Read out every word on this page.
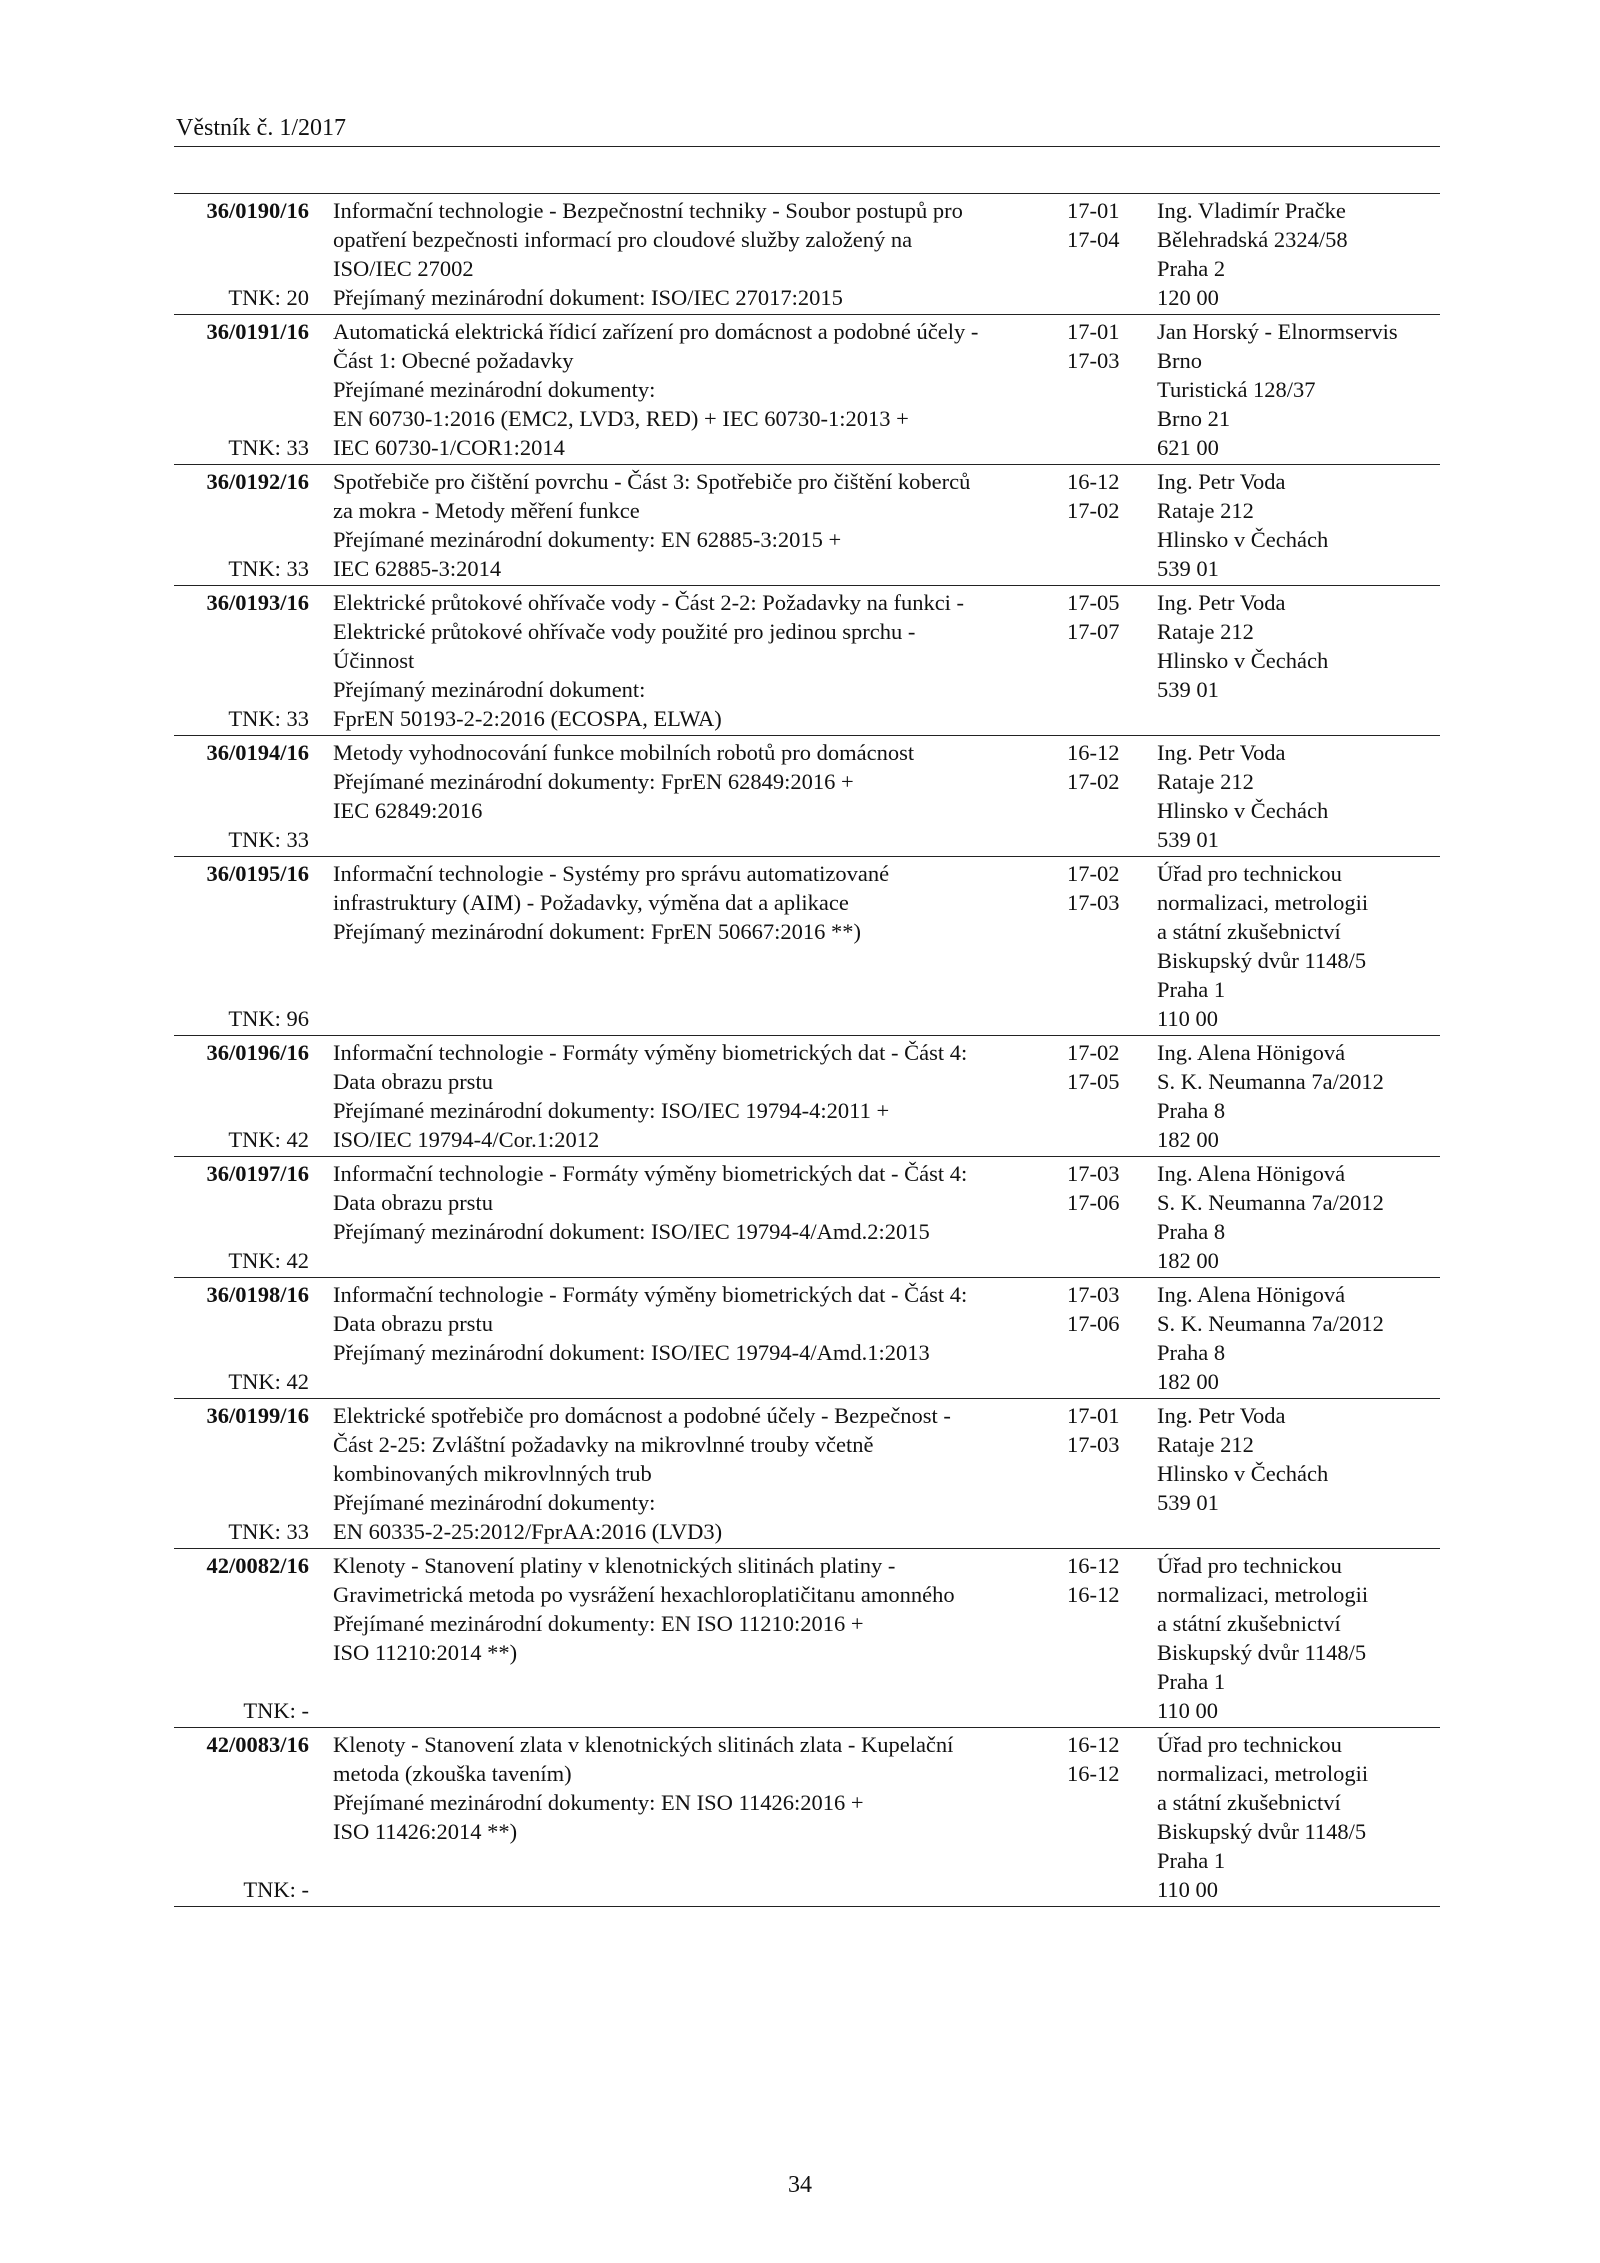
Věstník č. 1/2017
36/0190/16
TNK: 20
Informační technologie - Bezpečnostní techniky - Soubor postupů pro
opatření bezpečnosti informací pro cloudové služby založený na
ISO/IEC 27002
Přejímaný mezinárodní dokument: ISO/IEC 27017:2015
17-01
17-04
Ing. Vladimír Pračke
Bělehradská 2324/58
Praha 2
120 00
36/0191/16
TNK: 33
Automatická elektrická řídicí zařízení pro domácnost a podobné účely -
Část 1: Obecné požadavky
Přejímané mezinárodní dokumenty:
EN 60730-1:2016 (EMC2, LVD3, RED) + IEC 60730-1:2013 +
IEC 60730-1/COR1:2014
17-01
17-03
Jan Horský - Elnormservis
Brno
Turistická 128/37
Brno 21
621 00
36/0192/16
TNK: 33
Spotřebiče pro čištění povrchu - Část 3: Spotřebiče pro čištění koberců
za mokra - Metody měření funkce
Přejímané mezinárodní dokumenty: EN 62885-3:2015 +
IEC 62885-3:2014
16-12
17-02
Ing. Petr Voda
Rataje 212
Hlinsko v Čechách
539 01
36/0193/16
TNK: 33
Elektrické průtokové ohřívače vody - Část 2-2: Požadavky na funkci -
Elektrické průtokové ohřívače vody použité pro jedinou sprchu -
Účinnost
Přejímaný mezinárodní dokument:
FprEN 50193-2-2:2016 (ECOSPA, ELWA)
17-05
17-07
Ing. Petr Voda
Rataje 212
Hlinsko v Čechách
539 01
36/0194/16
TNK: 33
Metody vyhodnocování funkce mobilních robotů pro domácnost
Přejímané mezinárodní dokumenty: FprEN 62849:2016 +
IEC 62849:2016
16-12
17-02
Ing. Petr Voda
Rataje 212
Hlinsko v Čechách
539 01
36/0195/16
TNK: 96
Informační technologie - Systémy pro správu automatizované
infrastruktury (AIM) - Požadavky, výměna dat a aplikace
Přejímaný mezinárodní dokument: FprEN 50667:2016 **)
17-02
17-03
Úřad pro technickou
normalizaci, metrologii
a státní zkušebnictví
Biskupský dvůr 1148/5
Praha 1
110 00
36/0196/16
TNK: 42
Informační technologie - Formáty výměny biometrických dat - Část 4:
Data obrazu prstu
Přejímané mezinárodní dokumenty: ISO/IEC 19794-4:2011 +
ISO/IEC 19794-4/Cor.1:2012
17-02
17-05
Ing. Alena Hönigová
S. K. Neumanna 7a/2012
Praha 8
182 00
36/0197/16
TNK: 42
Informační technologie - Formáty výměny biometrických dat - Část 4:
Data obrazu prstu
Přejímaný mezinárodní dokument: ISO/IEC 19794-4/Amd.2:2015
17-03
17-06
Ing. Alena Hönigová
S. K. Neumanna 7a/2012
Praha 8
182 00
36/0198/16
TNK: 42
Informační technologie - Formáty výměny biometrických dat - Část 4:
Data obrazu prstu
Přejímaný mezinárodní dokument: ISO/IEC 19794-4/Amd.1:2013
17-03
17-06
Ing. Alena Hönigová
S. K. Neumanna 7a/2012
Praha 8
182 00
36/0199/16
TNK: 33
Elektrické spotřebiče pro domácnost a podobné účely - Bezpečnost -
Část 2-25: Zvláštní požadavky na mikrovlnné trouby včetně
kombinovaných mikrovlnných trub
Přejímané mezinárodní dokumenty:
EN 60335-2-25:2012/FprAA:2016 (LVD3)
17-01
17-03
Ing. Petr Voda
Rataje 212
Hlinsko v Čechách
539 01
42/0082/16
TNK: -
Klenoty - Stanovení platiny v klenotnických slitinách platiny -
Gravimetrická metoda po vysrážení hexachloroplatičitanu amonného
Přejímané mezinárodní dokumenty: EN ISO 11210:2016 +
ISO 11210:2014 **)
16-12
16-12
Úřad pro technickou
normalizaci, metrologii
a státní zkušebnictví
Biskupský dvůr 1148/5
Praha 1
110 00
42/0083/16
TNK: -
Klenoty - Stanovení zlata v klenotnických slitinách zlata - Kupelační
metoda (zkouška tavením)
Přejímané mezinárodní dokumenty: EN ISO 11426:2016 +
ISO 11426:2014 **)
16-12
16-12
Úřad pro technickou
normalizaci, metrologii
a státní zkušebnictví
Biskupský dvůr 1148/5
Praha 1
110 00
34
